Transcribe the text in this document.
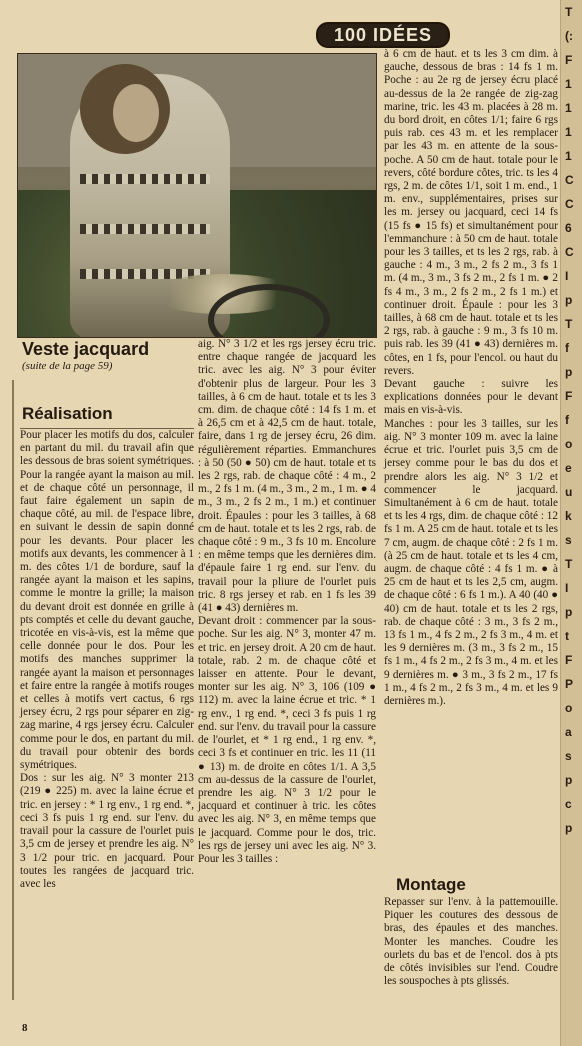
100 IDÉES
Veste jacquard
(suite de la page 59)
Réalisation
Pour placer les motifs du dos, calculer en partant du mil. du travail afin que les dessous de bras soient symétriques. Pour la rangée ayant la maison au mil. et de chaque côté un personnage, il faut faire également un sapin de chaque côté, au mil. de l'espace libre, en suivant le dessin de sapin donné pour les devants. Pour placer les motifs aux devants, les commencer à 1 m. des côtes 1/1 de bordure, sauf la rangée ayant la maison et les sapins, comme le montre la grille; la maison du devant droit est donnée en grille à pts comptés et celle du devant gauche, tricotée en vis-à-vis, est la même que celle donnée pour le dos. Pour les motifs des manches supprimer la rangée ayant la maison et personnages et faire entre la rangée à motifs rouges et celles à motifs vert cactus, 6 rgs jersey écru, 2 rgs pour séparer en zig-zag marine, 4 rgs jersey écru. Calculer comme pour le dos, en partant du mil. du travail pour obtenir des bords symétriques.
Dos : sur les aig. N° 3 monter 213 (219 ● 225) m. avec la laine écrue et tric. en jersey : * 1 rg env., 1 rg end. *, ceci 3 fs puis 1 rg end. sur l'env. du travail pour la cassure de l'ourlet puis 3,5 cm de jersey et prendre les aig. N° 3 1/2 pour tric. en jacquard. Pour toutes les rangées de jacquard tric. avec les
aig. N° 3 1/2 et les rgs jersey écru tric. entre chaque rangée de jacquard les tric. avec les aig. N° 3 pour éviter d'obtenir plus de largeur. Pour les 3 tailles, à 6 cm de haut. totale et ts les 3 cm. dim. de chaque côté : 14 fs 1 m. et à 26,5 cm et à 42,5 cm de haut. totale, faire, dans 1 rg de jersey écru, 26 dim. régulièrement réparties. Emmanchures : à 50 (50 ● 50) cm de haut. totale et ts les 2 rgs, rab. de chaque côté : 4 m., 2 m., 2 fs 1 m. (4 m., 3 m., 2 m., 1 m. ● 4 m., 3 m., 2 fs 2 m., 1 m.) et continuer droit. Épaules : pour les 3 tailles, à 68 cm de haut. totale et ts les 2 rgs, rab. de chaque côté : 9 m., 3 fs 10 m. Encolure : en même temps que les dernières dim. d'épaule faire 1 rg end. sur l'env. du travail pour la pliure de l'ourlet puis tric. 8 rgs jersey et rab. en 1 fs les 39 (41 ● 43) dernières m.
Devant droit : commencer par la sous-poche. Sur les aig. N° 3, monter 47 m. et tric. en jersey droit. A 20 cm de haut. totale, rab. 2 m. de chaque côté et laisser en attente. Pour le devant, monter sur les aig. N° 3, 106 (109 ● 112) m. avec la laine écrue et tric. * 1 rg env., 1 rg end. *, ceci 3 fs puis 1 rg end. sur l'env. du travail pour la cassure de l'ourlet, et * 1 rg end., 1 rg env. *, ceci 3 fs et continuer en tric. les 11 (11 ● 13) m. de droite en côtes 1/1. A 3,5 cm au-dessus de la cassure de l'ourlet, prendre les aig. N° 3 1/2 pour le jacquard et continuer à tric. les côtes avec les aig. N° 3, en même temps que le jacquard. Comme pour le dos, tric. les rgs de jersey uni avec les aig. N° 3. Pour les 3 tailles :
à 6 cm de haut. et ts les 3 cm dim. à gauche, dessous de bras : 14 fs 1 m. Poche : au 2e rg de jersey écru placé au-dessus de la 2e rangée de zig-zag marine, tric. les 43 m. placées à 28 m. du bord droit, en côtes 1/1; faire 6 rgs puis rab. ces 43 m. et les remplacer par les 43 m. en attente de la sous-poche. A 50 cm de haut. totale pour le revers, côté bordure côtes, tric. ts les 4 rgs, 2 m. de côtes 1/1, soit 1 m. end., 1 m. env., supplémentaires, prises sur les m. jersey ou jacquard, ceci 14 fs (15 fs ● 15 fs) et simultanément pour l'emmanchure : à 50 cm de haut. totale pour les 3 tailles, et ts les 2 rgs, rab. à gauche : 4 m., 3 m., 2 fs 2 m., 3 fs 1 m. (4 m., 3 m., 3 fs 2 m., 2 fs 1 m. ● 2 fs 4 m., 3 m., 2 fs 2 m., 2 fs 1 m.) et continuer droit. Épaule : pour les 3 tailles, à 68 cm de haut. totale et ts les 2 rgs, rab. à gauche : 9 m., 3 fs 10 m. puis rab. les 39 (41 ● 43) dernières m. côtes, en 1 fs, pour l'encol. ou haut du revers.
Devant gauche : suivre les explications données pour le devant mais en vis-à-vis.
Manches : pour les 3 tailles, sur les aig. N° 3 monter 109 m. avec la laine écrue et tric. l'ourlet puis 3,5 cm de jersey comme pour le bas du dos et prendre alors les aig. N° 3 1/2 et commencer le jacquard. Simultanément à 6 cm de haut. totale et ts les 4 rgs, dim. de chaque côté : 12 fs 1 m. A 25 cm de haut. totale et ts les 7 cm, augm. de chaque côté : 2 fs 1 m. (à 25 cm de haut. totale et ts les 4 cm, augm. de chaque côté : 4 fs 1 m. ● à 25 cm de haut et ts les 2,5 cm, augm. de chaque côté : 6 fs 1 m.). A 40 (40 ● 40) cm de haut. totale et ts les 2 rgs, rab. de chaque côté : 3 m., 3 fs 2 m., 13 fs 1 m., 4 fs 2 m., 2 fs 3 m., 4 m. et les 9 dernières m. (3 m., 3 fs 2 m., 15 fs 1 m., 4 fs 2 m., 2 fs 3 m., 4 m. et les 9 dernières m. ● 3 m., 3 fs 2 m., 17 fs 1 m., 4 fs 2 m., 2 fs 3 m., 4 m. et les 9 dernières m.).
Montage
Repasser sur l'env. à la pattemouille. Piquer les coutures des dessous de bras, des épaules et des manches. Monter les manches. Coudre les ourlets du bas et de l'encol. dos à pts de côtés invisibles sur l'end. Coudre les souspoches à pts glissés.
8
T
(:
F
1
1
1
1
C
C
6
C
I
p
T
f
p
F
f
o
e
u
k
s
T
I
p
t
F
P
o
a
s
p
c
p
